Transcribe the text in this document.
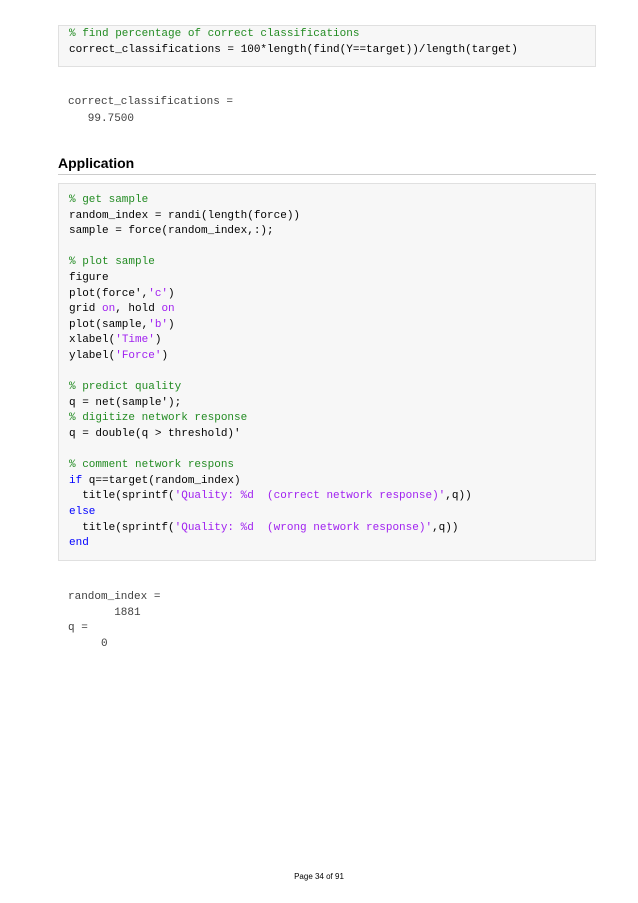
% find percentage of correct classifications
correct_classifications = 100*length(find(Y==target))/length(target)
correct_classifications =
99.7500
Application
% get sample
random_index = randi(length(force))
sample = force(random_index,:);
% plot sample
figure
plot(force','c')
grid on, hold on
plot(sample,'b')
xlabel('Time')
ylabel('Force')
% predict quality
q = net(sample');
% digitize network response
q = double(q > threshold)'
% comment network respons
if q==target(random_index)
title(sprintf('Quality: %d  (correct network response)',q))
else
title(sprintf('Quality: %d  (wrong network response)',q))
end
random_index =
1881
q =
0
Page 34 of 91
